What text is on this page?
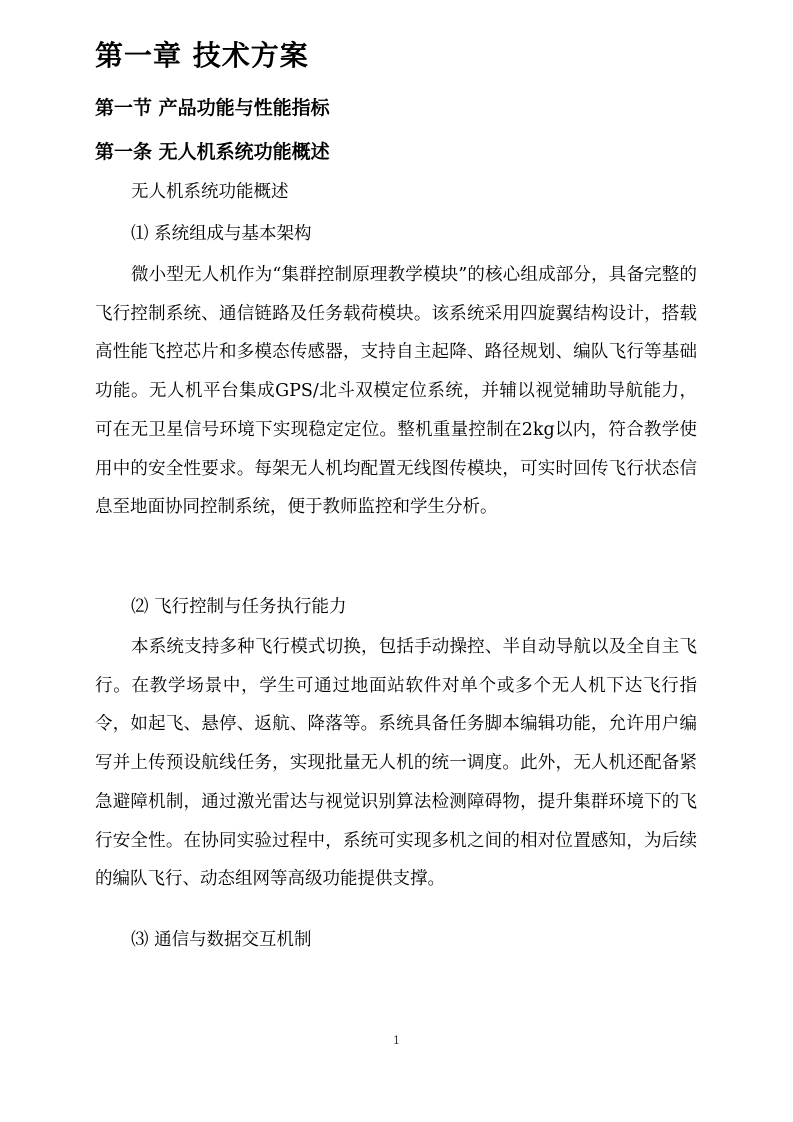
第一章 技术方案
第一节 产品功能与性能指标
第一条 无人机系统功能概述
无人机系统功能概述
⑴ 系统组成与基本架构

微小型无人机作为“集群控制原理教学模块”的核心组成部分，具备完整的飞行控制系统、通信链路及任务载荷模块。该系统采用四旋翼结构设计，搭载高性能飞控芯片和多模态传感器，支持自主起降、路径规划、编队飞行等基础功能。无人机平台集成GPS/北斗双模定位系统，并辅以视觉辅助导航能力，可在无卫星信号环境下实现稳定定位。整机重量控制在2kg以内，符合教学使用中的安全性要求。每架无人机均配置无线图传模块，可实时回传飞行状态信息至地面协同控制系统，便于教师监控和学生分析。

⑵ 飞行控制与任务执行能力

本系统支持多种飞行模式切换，包括手动操控、半自动导航以及全自主飞行。在教学场景中，学生可通过地面站软件对单个或多个无人机下达飞行指令，如起飞、悬停、返航、降落等。系统具备任务脚本编辑功能，允许用户编写并上传预设航线任务，实现批量无人机的统一调度。此外，无人机还配备紧急避障机制，通过激光雷达与视觉识别算法检测障碍物，提升集群环境下的飞行安全性。在协同实验过程中，系统可实现多机之间的相对位置感知，为后续的编队飞行、动态组网等高级功能提供支撑。

⑶ 通信与数据交互机制
1
